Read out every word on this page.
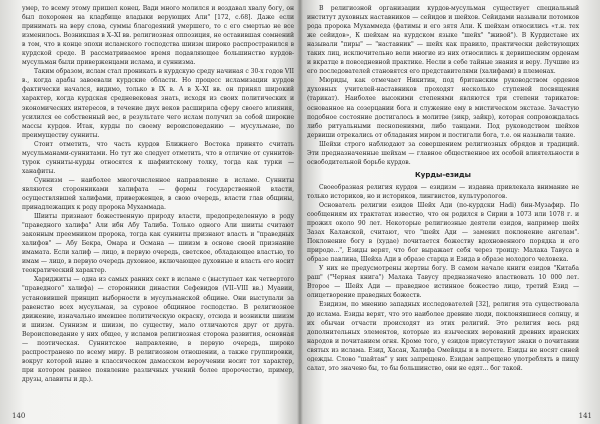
умер, то всему этому пришел конец. Вади много молился и воздавал хвалу богу, он был похоронен на кладбище владыки верующих Али" [172, с.68]. Даже если принимать на веру слова, суммы благодеяний умершего, то с его смертью не все изменилось. Возникшая в X–XI вв. религиозная оппозиция, не оставившая сомнений в том, что в конце эпохи исламского господства шиизм широко распространился в курдской среде. В рассматриваемое время подавляющее большинство курдов-мусульман были приверженцами ислама, и суннизма.

Таким образом, ислам стал проникать в курдскую среду начиная с 30-х годов VII в., когда арабы завоевали курдские области. Но процесс исламизации курдов фактически начался, видимо, только в IX в. А в X–XI вв. он принял широкий характер, когда курдская средневековая знать, исходя из своих политических и экономических интересов, в течение двух веков расширила сферу своего влияния, усилился ее собственный вес, в результате чего ислам получил за собой широкие массы курдов. Итак, курды по своему вероисповеданию — мусульмане, по преимуществу сунниты.

Стоит отметить, что часть курдов Ближнего Востока принято считать мусульманами-суннитами. Но тут же следует отметить, что в отличие от суннитов-турок сунниты-курды относятся к шафиитскому толку, тогда как турки — ханафиты.

Суннизм — наиболее многочисленное направление в исламе. Сунниты являются сторонниками халифата — формы государственной власти, осуществлявшей халифами, приверженцев, в свою очередь, власти глав общины, принадлежащих к роду пророка Мухаммада.

Шииты признают божественную природу власти, предопределенную в роду "праведного халифа" Али ибн Абу Талиба. Только одного Али шииты считают законным преемником пророка, тогда как сунниты признают власть и "праведных халифов" — Абу Бекра, Омара и Османа — шиизм в основе своей признание имамата. Если халиф — лицо, в первую очередь, светское, обладающее властью, то имам — лицо, в первую очередь духовное, включающее духовные и власть его носит теократический характер.

Хариджиты — одна из самых ранних сект в исламе с (выступает как четвертого "праведного" халифа) — сторонники династии Сефевидов (VII–VIII вв.) Муавии, установившей принцип выборности в мусульманской общине. Они выступали за равенство всех мусульман, за суровое общинное господство. В религиозное движение, изначально имевшее политическую окраску, отсюда и возникли шиизм и шиизм. Суннизм и шиизм, по существу, мало отличаются друг от друга. Вероисповедание у них общее, у исламов религиозная сторона развития, основная — поэтическая. Суннитское направление, в первую очередь, широко распространено по всему миру. В религиозном отношении, а также группировки, вокруг которой ныне в классическом дамасском вероучении носит тот характер, при котором раннее появление различных учений более пророчество, пример, друзы, алавиты и др.).

140

В религиозной организации курдов-мусульман существует специальный институт духовных наставников — сейидов и шейхов. Сейидами называли потомков рода пророка Мухаммеда (фатимы и его зятя Али. К шейхам относились «т.н. тех же сейидов», К шейхам на курдском языке "шейх" "живой"). В Курдистане их называли "пиры" — "наставник" — шейх как правило, практически действующих таких лиц, исключительно вели многие из них относились к дервишеским орденам и вкратце в повседневной практике. Несли в себе тайные знания и веру. Лучшие из его последователей становятся его представителями (халифами) в племенах.

Мюриды, как отмечает Никитин, под британским руководством орденов духовных учителей-наставников проходят несколько ступеней посвящения (тарикат). Наиболее высокими степенями являются три степени тарикатов: основанное на созерцании бога и служение ему в мистическом экстазе. Зачастую подобное состояние достигалось в молитве (зикр, зайкр), которая сопровождалась либо ритуальными песнопениями, либо танцами. Под руководством шейхов дервиши отрекались от обладания миром и постигали бога, т.е. он называли такие.

Шейхи строго наблюдают за совершением религиозных обрядов и традиций. Эти предназначенные шейхам — главное общественное их особой влиятельности в освободительной борьбе курдов.

Курды-езиды

Своеобразная религия курдов — езидизм — издавна привлекала внимание не только историков, но и историков, лингвистов, культурологов.

Основатель религии езидов Шейх Ади (по-курдски Hadi) бин-Музафир. По сообщениям их трактатах известно, что он родился в Сирии в 1073 или 1078 г. и прожил около 90 лет. Некоторые религиозные деятели езидов, например шейх Зазах Калавской, считают, что "шейх Ади — заменил поклонение ангелам". Поклонение богу в (худае) почитается божеству вдохновенного порядка и его природе...", Езиды верят, что бог выражает себя через троицу: Малака Тавуса в образе павлина, Шейха Ади в образе старца и Езида в образе молодого человека.

У них не предусмотрены жертвы богу. В самом начале книги езидов "Китаба раш" ("Черная книга") Малака Тавусу предназначено властвовать 10 000 лет. Второе — Шейх Ади — праведное истинное божество лицо, третий Езид — олицетворение праведных божеств.

Езидизм, по мнению западных исследователей [32], религия эта существовала до ислама. Езиды верят, что это наиболее древние люди, поклонявшиеся солнцу, и их обычаи отчасти происходят из этих религий. Это религия весь ряд дополнительных элементов, которые из языческих верований древних иранских народов и почитанием огня. Кроме того, у езидов присутствуют знаки о почитании святых из ислама. Езид, Хасан, Халифа Омейяды и в почете. Езиды не носят синей одежды. Слово "шайтан" у них запрещено. Езидам запрещено употреблять в пищу салат, это значено бы, то бы большинство, они не едят... бог такой.

141
